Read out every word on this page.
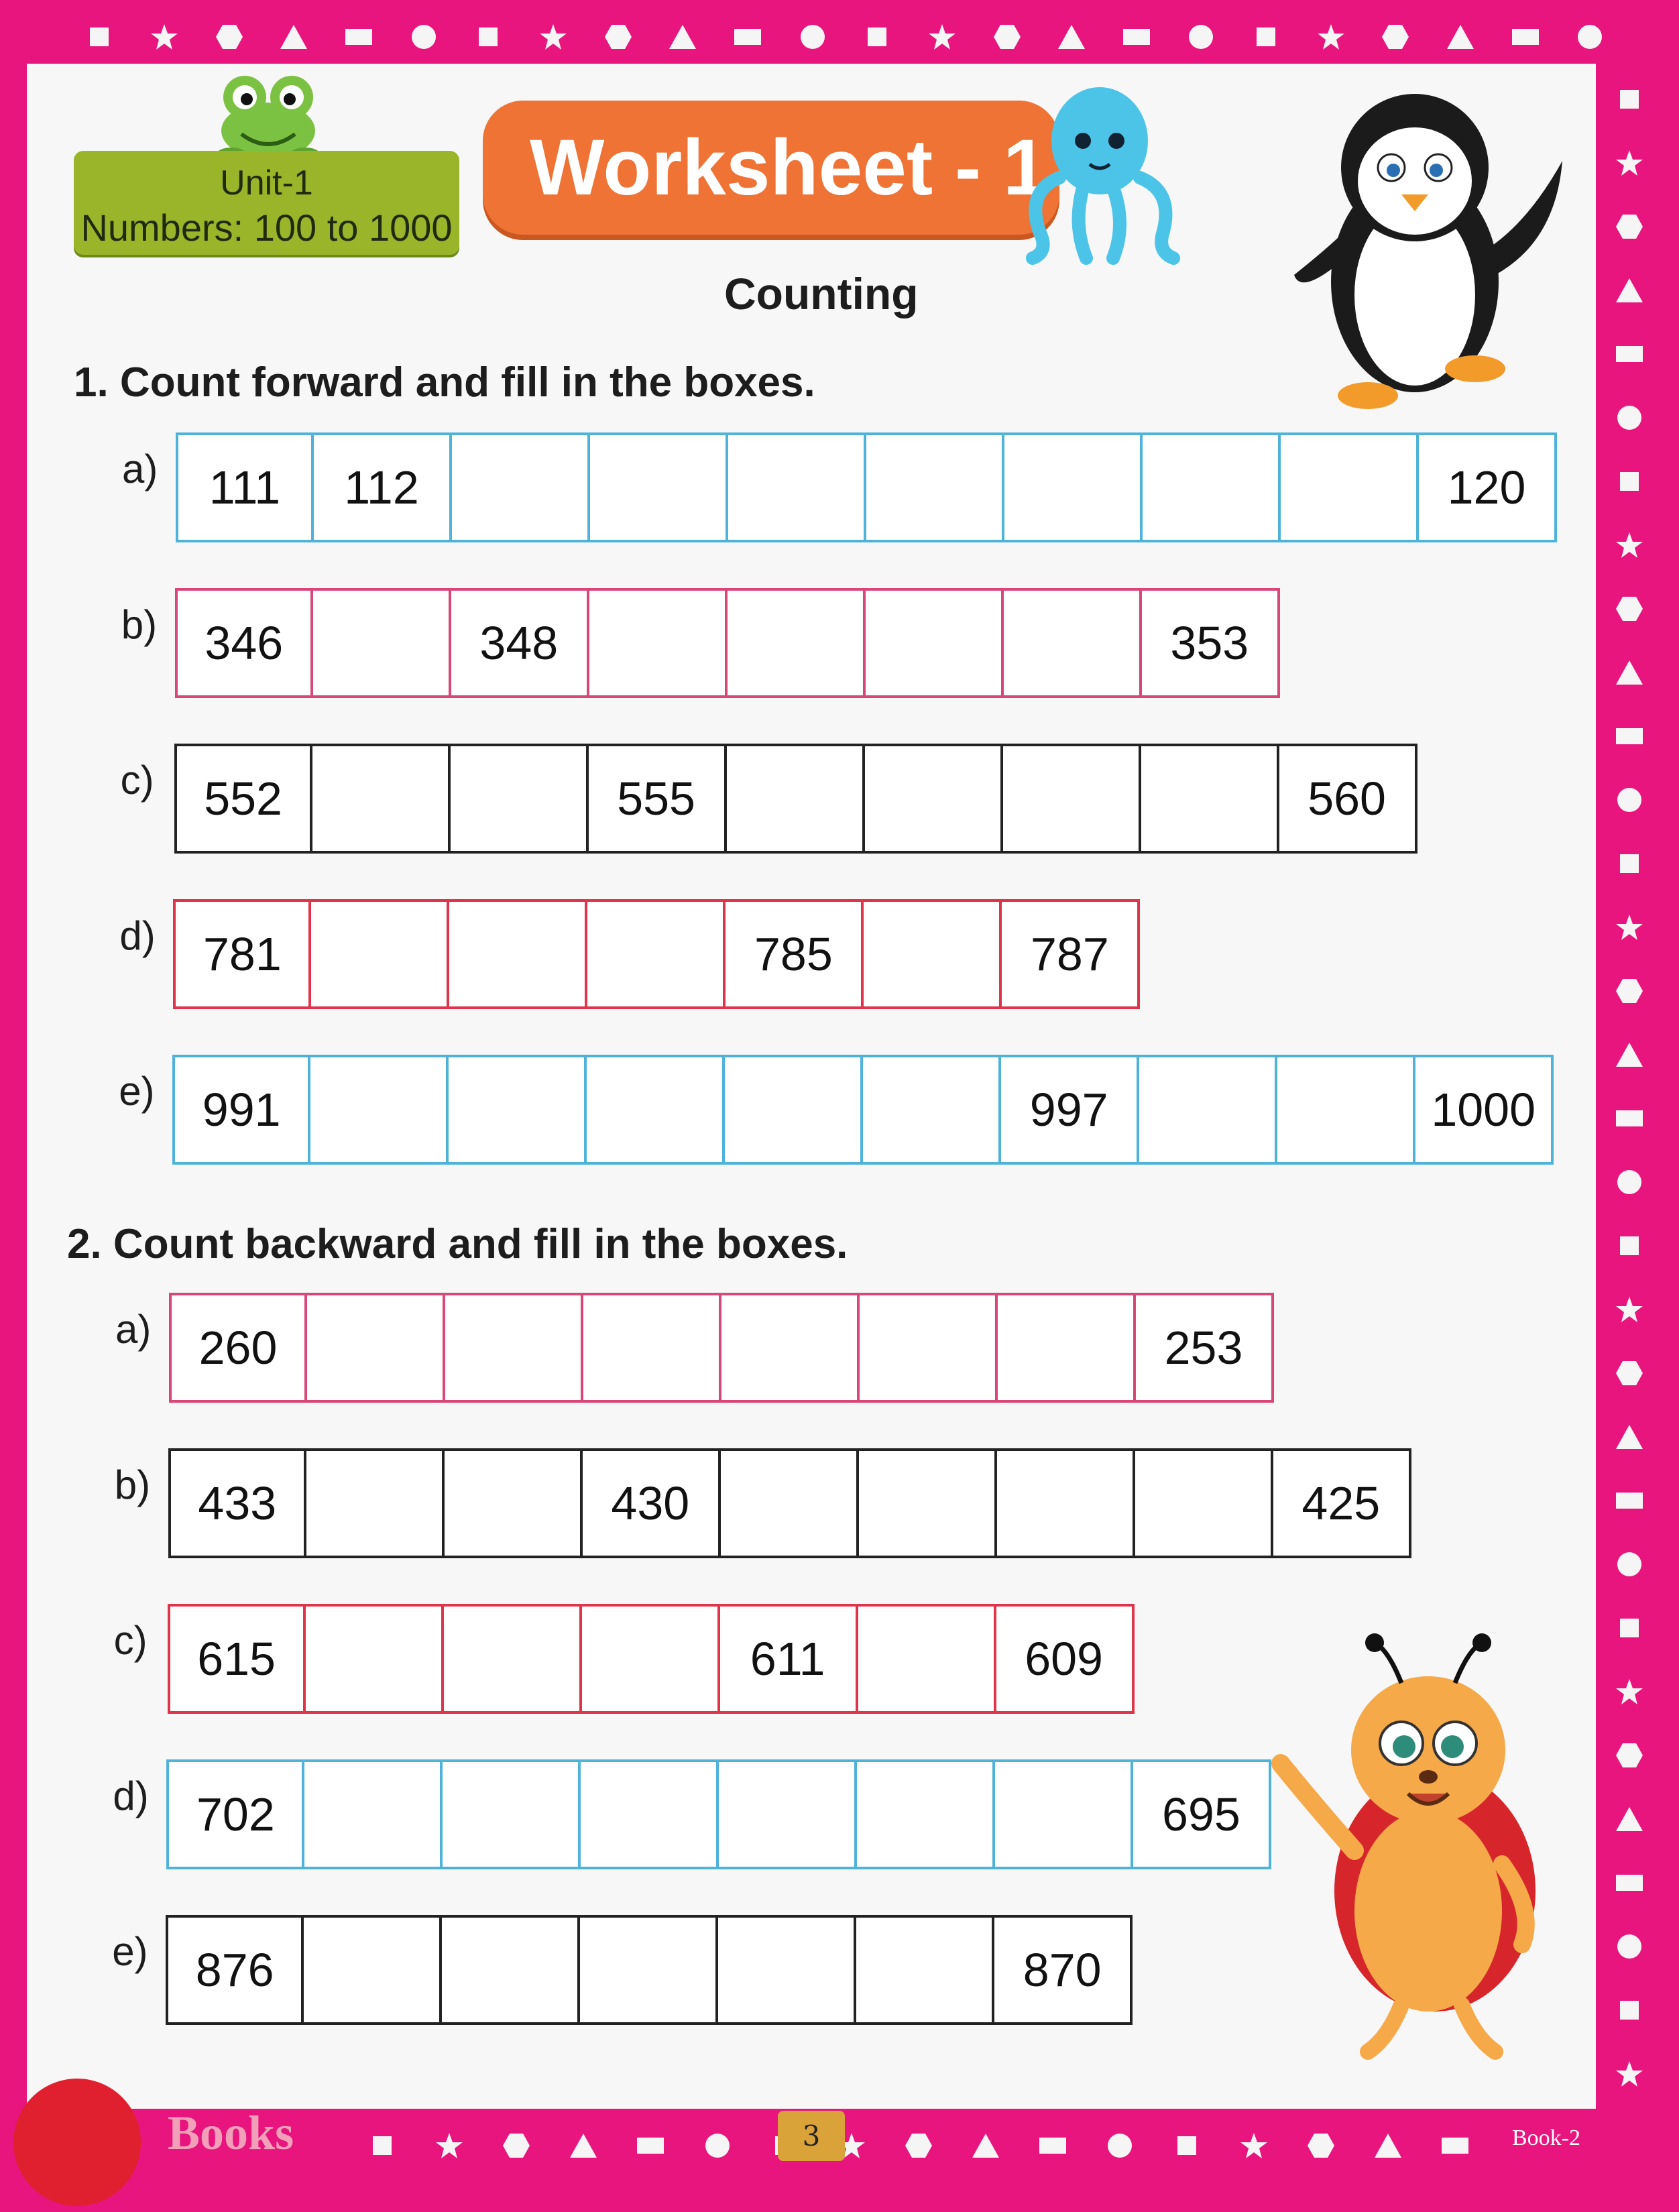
Unit-1
Numbers: 100 to 1000
Worksheet - 1
Counting
1. Count forward and fill in the boxes.
a)	111	112	120
b)	346	348	353
c)	552	555	560
d)	781	785	787
e)	991	997	1000
2. Count backward and fill in the boxes.
a)	260	253
b)	433	430	425
c)	615	611	609
d)	702	695
e)	876	870
Books	3	Book-2
